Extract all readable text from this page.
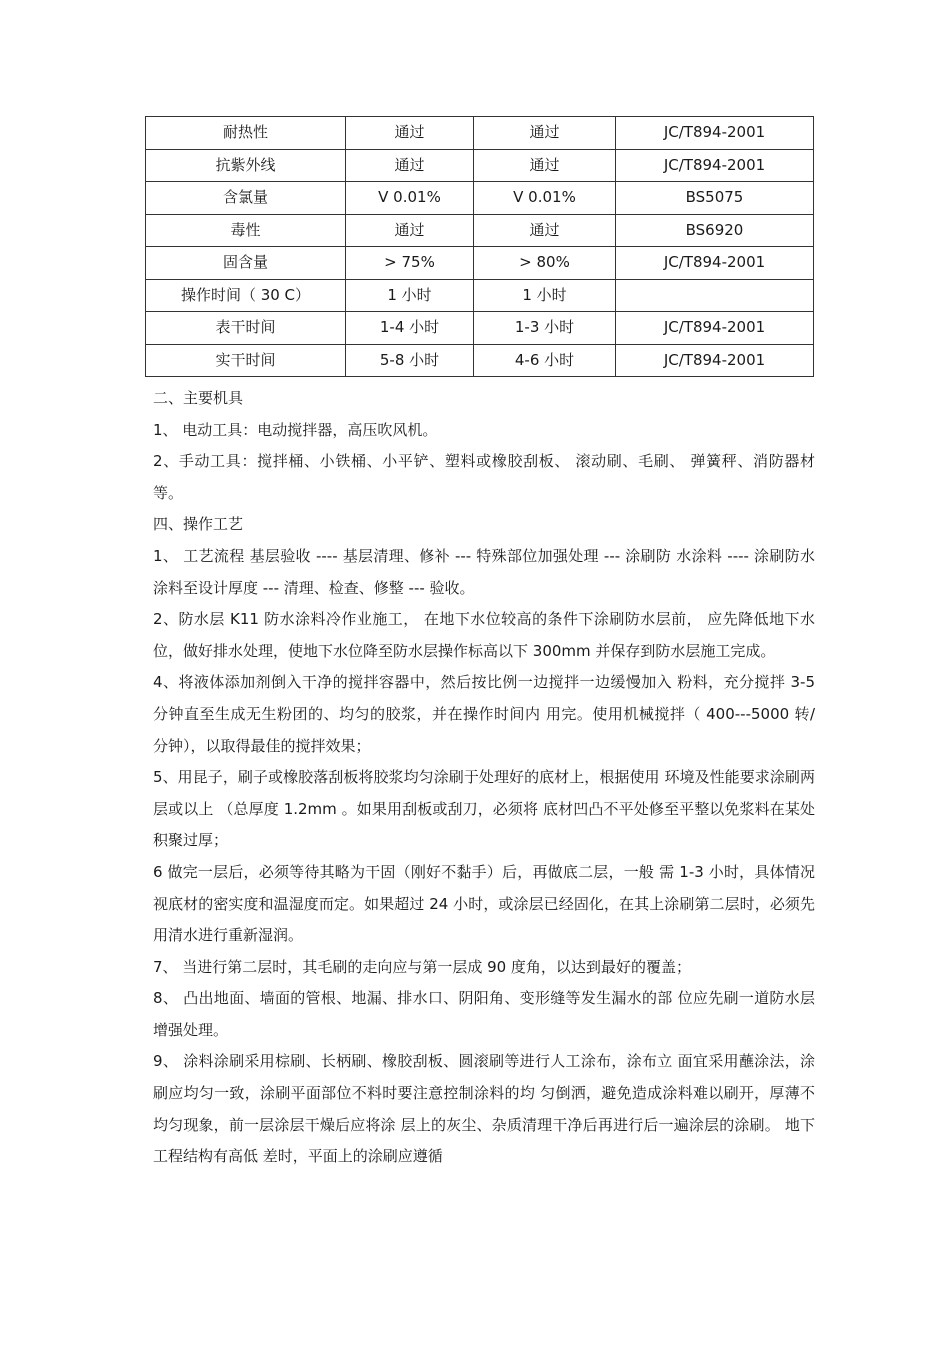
耐热性	通过	通过	JC/T894-2001
抗紫外线	通过	通过	JC/T894-2001
含氯量	V 0.01%	V 0.01%	BS5075
毒性	通过	通过	BS6920
固含量	> 75%	> 80%	JC/T894-2001
操作时间（ 30 C）	1 小时	1 小时	
表干时间	1-4 小时	1-3 小时	JC/T894-2001
实干时间	5-8 小时	4-6 小时	JC/T894-2001

二、主要机具

1、 电动工具：电动搅拌器，高压吹风机。

2、手动工具：搅拌桶、小铁桶、小平铲、塑料或橡胶刮板、 滚动刷、毛刷、 弹簧秤、消防器材等。

四、操作工艺

1、 工艺流程 基层验收 ---- 基层清理、修补 --- 特殊部位加强处理 --- 涂刷防 水涂料 ---- 涂刷防水涂料至设计厚度 --- 清理、检查、修整 --- 验收。

2、防水层 K11 防水涂料冷作业施工， 在地下水位较高的条件下涂刷防水层前， 应先降低地下水位，做好排水处理，使地下水位降至防水层操作标高以下 300mm 并保存到防水层施工完成。

4、将液体添加剂倒入干净的搅拌容器中，然后按比例一边搅拌一边缓慢加入 粉料，充分搅拌 3-5 分钟直至生成无生粉团的、均匀的胶浆，并在操作时间内 用完。使用机械搅拌（ 400---5000 转/ 分钟），以取得最佳的搅拌效果；

5、用昆子，刷子或橡胶落刮板将胶浆均匀涂刷于处理好的底材上，根据使用 环境及性能要求涂刷两层或以上 （总厚度 1.2mm 。如果用刮板或刮刀，必须将 底材凹凸不平处修至平整以免浆料在某处积聚过厚；

6 做完一层后，必须等待其略为干固（刚好不黏手）后，再做底二层，一般 需 1-3 小时，具体情况视底材的密实度和温湿度而定。如果超过 24 小时，或涂层已经固化，在其上涂刷第二层时，必须先用清水进行重新湿润。

7、 当进行第二层时，其毛刷的走向应与第一层成 90 度角，以达到最好的覆盖；

8、 凸出地面、墙面的管根、地漏、排水口、阴阳角、变形缝等发生漏水的部 位应先刷一道防水层增强处理。

9、 涂料涂刷采用棕刷、长柄刷、橡胶刮板、圆滚刷等进行人工涂布，涂布立 面宜采用蘸涂法，涂刷应均匀一致，涂刷平面部位不料时要注意控制涂料的均 匀倒洒，避免造成涂料难以刷开，厚薄不均匀现象，前一层涂层干燥后应将涂 层上的灰尘、杂质清理干净后再进行后一遍涂层的涂刷。 地下工程结构有高低 差时，平面上的涂刷应遵循
